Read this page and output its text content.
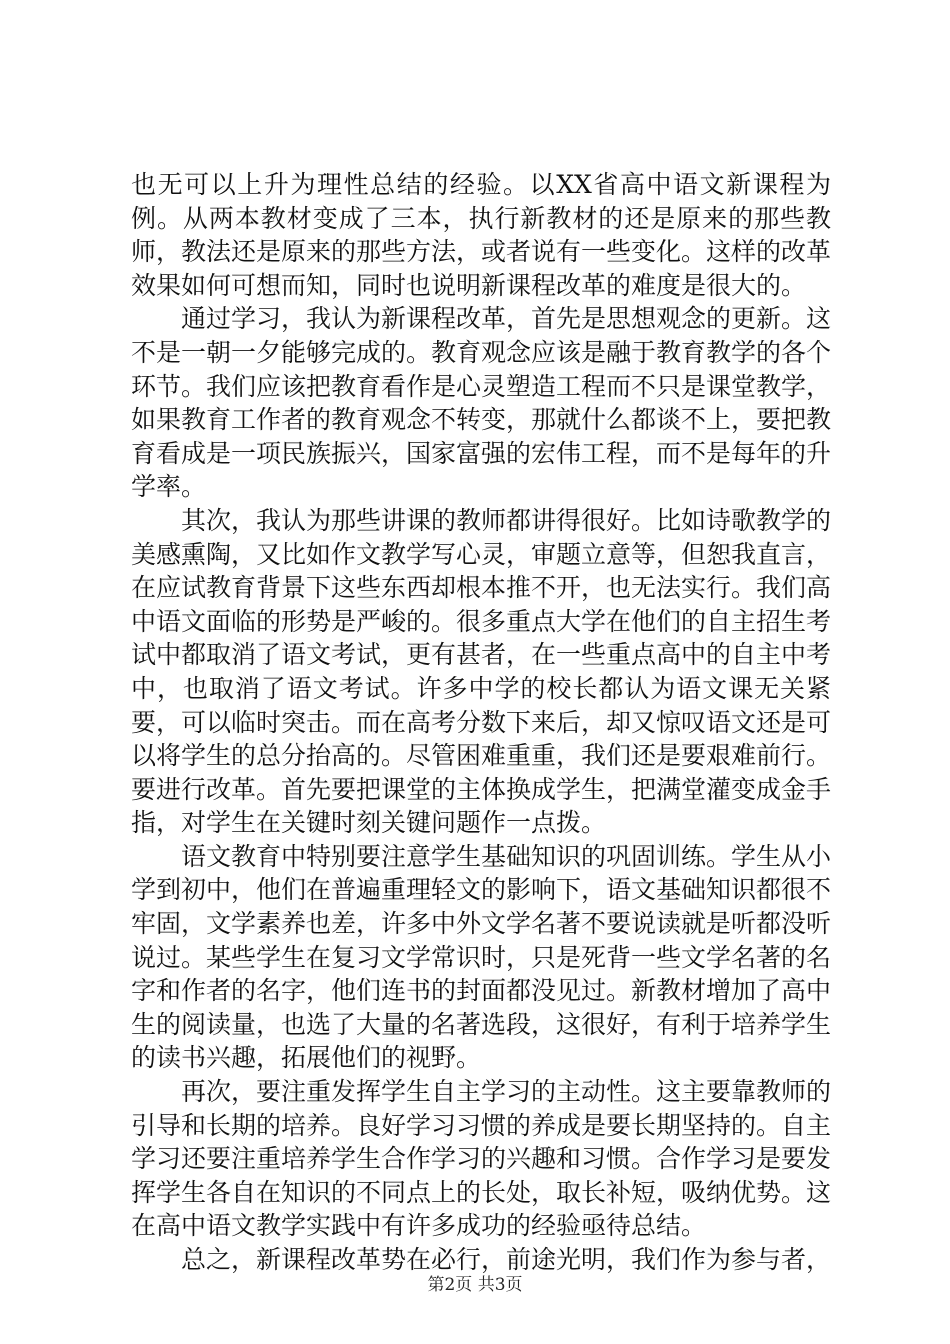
也无可以上升为理性总结的经验。以XX省高中语文新课程为例。从两本教材变成了三本，执行新教材的还是原来的那些教师，教法还是原来的那些方法，或者说有一些变化。这样的改革效果如何可想而知，同时也说明新课程改革的难度是很大的。

通过学习，我认为新课程改革，首先是思想观念的更新。这不是一朝一夕能够完成的。教育观念应该是融于教育教学的各个环节。我们应该把教育看作是心灵塑造工程而不只是课堂教学，如果教育工作者的教育观念不转变，那就什么都谈不上，要把教育看成是一项民族振兴，国家富强的宏伟工程，而不是每年的升学率。

其次，我认为那些讲课的教师都讲得很好。比如诗歌教学的美感熏陶，又比如作文教学写心灵，审题立意等，但恕我直言，在应试教育背景下这些东西却根本推不开，也无法实行。我们高中语文面临的形势是严峻的。很多重点大学在他们的自主招生考试中都取消了语文考试，更有甚者，在一些重点高中的自主中考中，也取消了语文考试。许多中学的校长都认为语文课无关紧要，可以临时突击。而在高考分数下来后，却又惊叹语文还是可以将学生的总分抬高的。尽管困难重重，我们还是要艰难前行。要进行改革。首先要把课堂的主体换成学生，把满堂灌变成金手指，对学生在关键时刻关键问题作一点拨。

语文教育中特别要注意学生基础知识的巩固训练。学生从小学到初中，他们在普遍重理轻文的影响下，语文基础知识都很不牢固，文学素养也差，许多中外文学名著不要说读就是听都没听说过。某些学生在复习文学常识时，只是死背一些文学名著的名字和作者的名字，他们连书的封面都没见过。新教材增加了高中生的阅读量，也选了大量的名著选段，这很好，有利于培养学生的读书兴趣，拓展他们的视野。

再次，要注重发挥学生自主学习的主动性。这主要靠教师的引导和长期的培养。良好学习习惯的养成是要长期坚持的。自主学习还要注重培养学生合作学习的兴趣和习惯。合作学习是要发挥学生各自在知识的不同点上的长处，取长补短，吸纳优势。这在高中语文教学实践中有许多成功的经验亟待总结。

总之，新课程改革势在必行，前途光明，我们作为参与者，

第2页 共3页
